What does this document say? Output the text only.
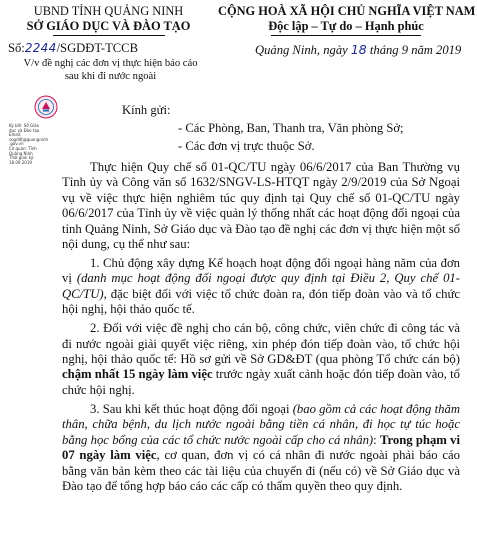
UBND TỈNH QUẢNG NINH
SỞ GIÁO DỤC VÀ ĐÀO TẠO
CỘNG HOÀ XÃ HỘI CHỦ NGHĨA VIỆT NAM
Độc lập – Tự do – Hạnh phúc
Số:2244/SGDĐT-TCCB
V/v đề nghị các đơn vị thực hiện báo cáo
sau khi đi nước ngoài
Quảng Ninh, ngày 18 tháng 9 năm 2019
Ký bởi: Sở Giáo
dục và Đào tạo
Email:
sogddt@quangninh
.gov.vn
Cơ quan: Tỉnh
Quảng Ninh
Thời gian ký:
18.09.2019
Kính gửi:
- Các Phòng, Ban, Thanh tra, Văn phòng Sở;
- Các đơn vị trực thuộc Sở.

Thực hiện Quy chế số 01-QC/TU ngày 06/6/2017 của Ban Thường vụ Tỉnh ủy và Công văn số 1632/SNGV-LS-HTQT ngày 2/9/2019 của Sở Ngoại vụ về việc thực hiện nghiêm túc quy định tại Quy chế số 01-QC/TU ngày 06/6/2017 của Tỉnh ủy về việc quản lý thống nhất các hoạt động đối ngoại của tỉnh Quảng Ninh, Sở Giáo dục và Đào tạo đề nghị các đơn vị thực hiện một số nội dung, cụ thể như sau:

1. Chủ động xây dựng Kế hoạch hoạt động đối ngoại hàng năm của đơn vị (danh mục hoạt động đối ngoại được quy định tại Điều 2, Quy chế 01-QC/TU), đặc biệt đối với việc tổ chức đoàn ra, đón tiếp đoàn vào và tổ chức hội nghị, hội thảo quốc tế.

2. Đối với việc đề nghị cho cán bộ, công chức, viên chức đi công tác và đi nước ngoài giải quyết việc riêng, xin phép đón tiếp đoàn vào, tổ chức hội nghị, hội thảo quốc tế: Hồ sơ gửi về Sở GD&ĐT (qua phòng Tổ chức cán bộ) chậm nhất 15 ngày làm việc trước ngày xuất cảnh hoặc đón tiếp đoàn vào, tổ chức hội nghị.

3. Sau khi kết thúc hoạt động đối ngoại (bao gồm cả các hoạt động thăm thân, chữa bệnh, du lịch nước ngoài bằng tiền cá nhân, đi học tự túc hoặc bằng học bổng của các tổ chức nước ngoài cấp cho cá nhân): Trong phạm vi 07 ngày làm việc, cơ quan, đơn vị có cá nhân đi nước ngoài phải báo cáo bằng văn bản kèm theo các tài liệu của chuyến đi (nếu có) về Sở Giáo dục và Đào tạo để tổng hợp báo cáo các cấp có thẩm quyền theo quy định.
